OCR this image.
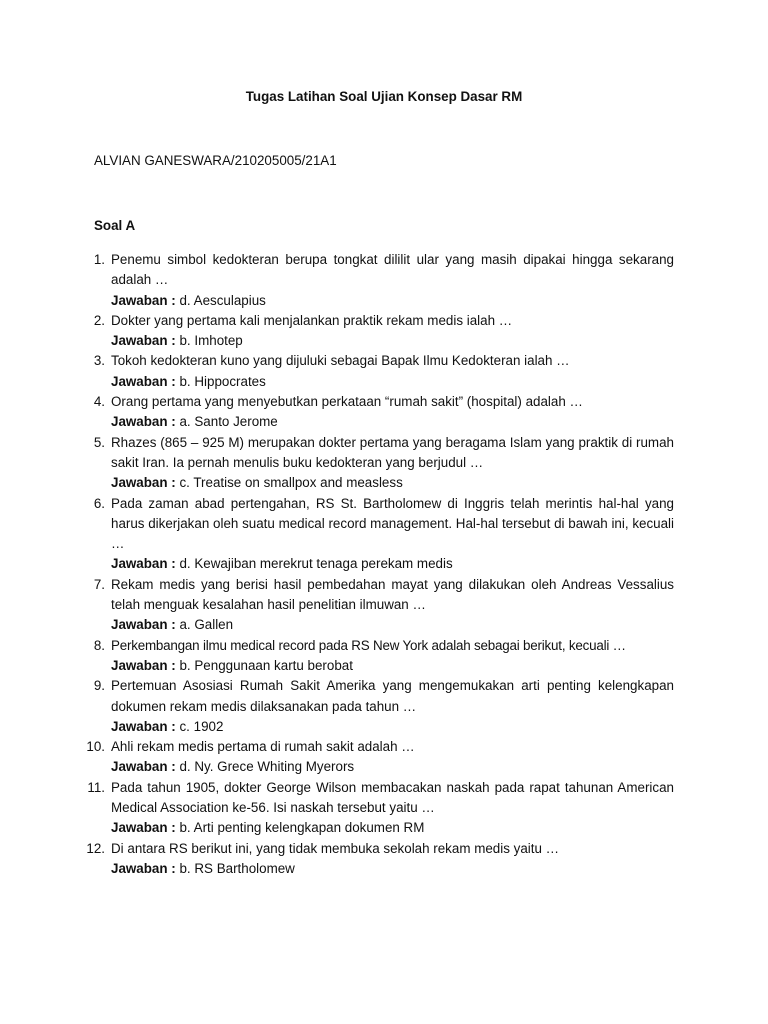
Tugas Latihan Soal Ujian Konsep Dasar RM
ALVIAN GANESWARA/210205005/21A1
Soal A
1. Penemu simbol kedokteran berupa tongkat dililit ular yang masih dipakai hingga sekarang adalah …
Jawaban : d. Aesculapius
2. Dokter yang pertama kali menjalankan praktik rekam medis ialah …
Jawaban : b. Imhotep
3. Tokoh kedokteran kuno yang dijuluki sebagai Bapak Ilmu Kedokteran ialah …
Jawaban : b. Hippocrates
4. Orang pertama yang menyebutkan perkataan “rumah sakit” (hospital) adalah …
Jawaban : a. Santo Jerome
5. Rhazes (865 – 925 M) merupakan dokter pertama yang beragama Islam yang praktik di rumah sakit Iran. Ia pernah menulis buku kedokteran yang berjudul …
Jawaban : c. Treatise on smallpox and measless
6. Pada zaman abad pertengahan, RS St. Bartholomew di Inggris telah merintis hal-hal yang harus dikerjakan oleh suatu medical record management. Hal-hal tersebut di bawah ini, kecuali …
Jawaban : d. Kewajiban merekrut tenaga perekam medis
7. Rekam medis yang berisi hasil pembedahan mayat yang dilakukan oleh Andreas Vessalius telah menguak kesalahan hasil penelitian ilmuwan …
Jawaban : a. Gallen
8. Perkembangan ilmu medical record pada RS New York adalah sebagai berikut, kecuali …
Jawaban : b. Penggunaan kartu berobat
9. Pertemuan Asosiasi Rumah Sakit Amerika yang mengemukakan arti penting kelengkapan dokumen rekam medis dilaksanakan pada tahun …
Jawaban : c. 1902
10. Ahli rekam medis pertama di rumah sakit adalah …
Jawaban : d. Ny. Grece Whiting Myerors
11. Pada tahun 1905, dokter George Wilson membacakan naskah pada rapat tahunan American Medical Association ke-56. Isi naskah tersebut yaitu …
Jawaban : b. Arti penting kelengkapan dokumen RM
12. Di antara RS berikut ini, yang tidak membuka sekolah rekam medis yaitu …
Jawaban : b. RS Bartholomew
